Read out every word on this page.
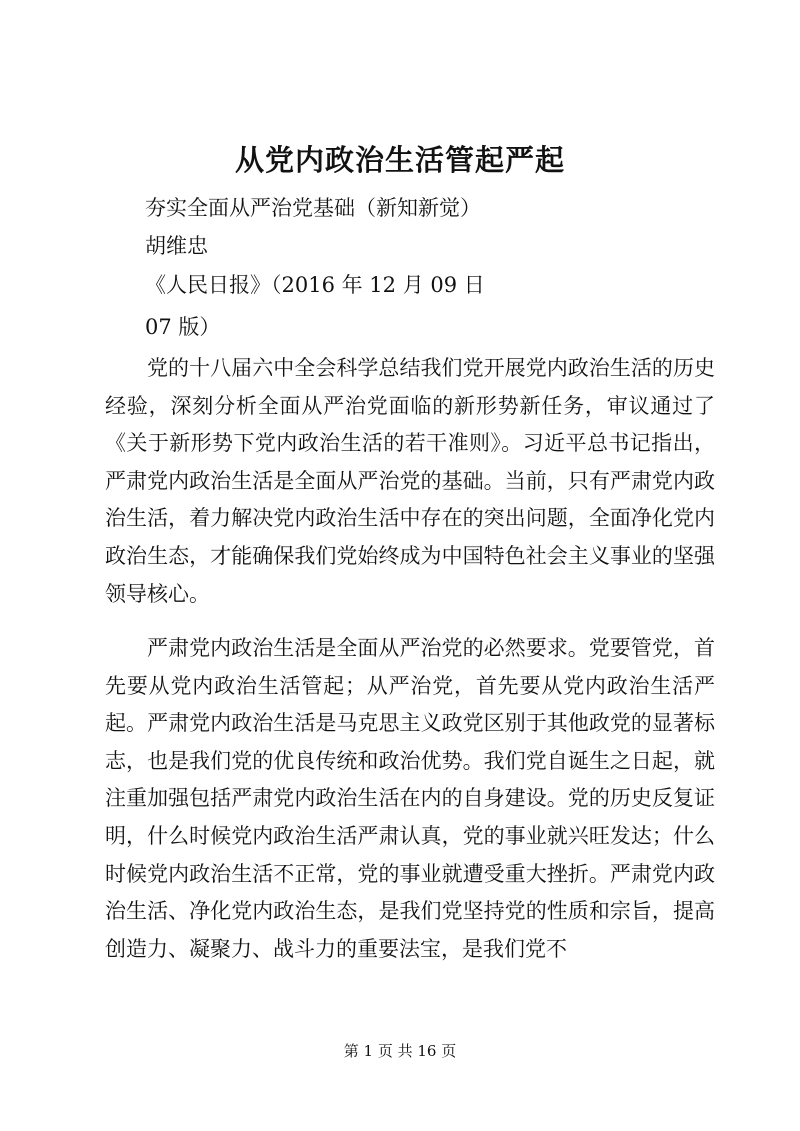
从党内政治生活管起严起
夯实全面从严治党基础（新知新觉）
胡维忠
《人民日报》（2016 年 12 月 09 日
07 版）

党的十八届六中全会科学总结我们党开展党内政治生活的历史经验，深刻分析全面从严治党面临的新形势新任务，审议通过了《关于新形势下党内政治生活的若干准则》。习近平总书记指出，严肃党内政治生活是全面从严治党的基础。当前，只有严肃党内政治生活，着力解决党内政治生活中存在的突出问题，全面净化党内政治生态，才能确保我们党始终成为中国特色社会主义事业的坚强领导核心。

严肃党内政治生活是全面从严治党的必然要求。党要管党，首先要从党内政治生活管起；从严治党，首先要从党内政治生活严起。严肃党内政治生活是马克思主义政党区别于其他政党的显著标志，也是我们党的优良传统和政治优势。我们党自诞生之日起，就注重加强包括严肃党内政治生活在内的自身建设。党的历史反复证明，什么时候党内政治生活严肃认真，党的事业就兴旺发达；什么时候党内政治生活不正常，党的事业就遭受重大挫折。严肃党内政治生活、净化党内政治生态，是我们党坚持党的性质和宗旨，提高创造力、凝聚力、战斗力的重要法宝，是我们党不

第 1 页 共 16 页
